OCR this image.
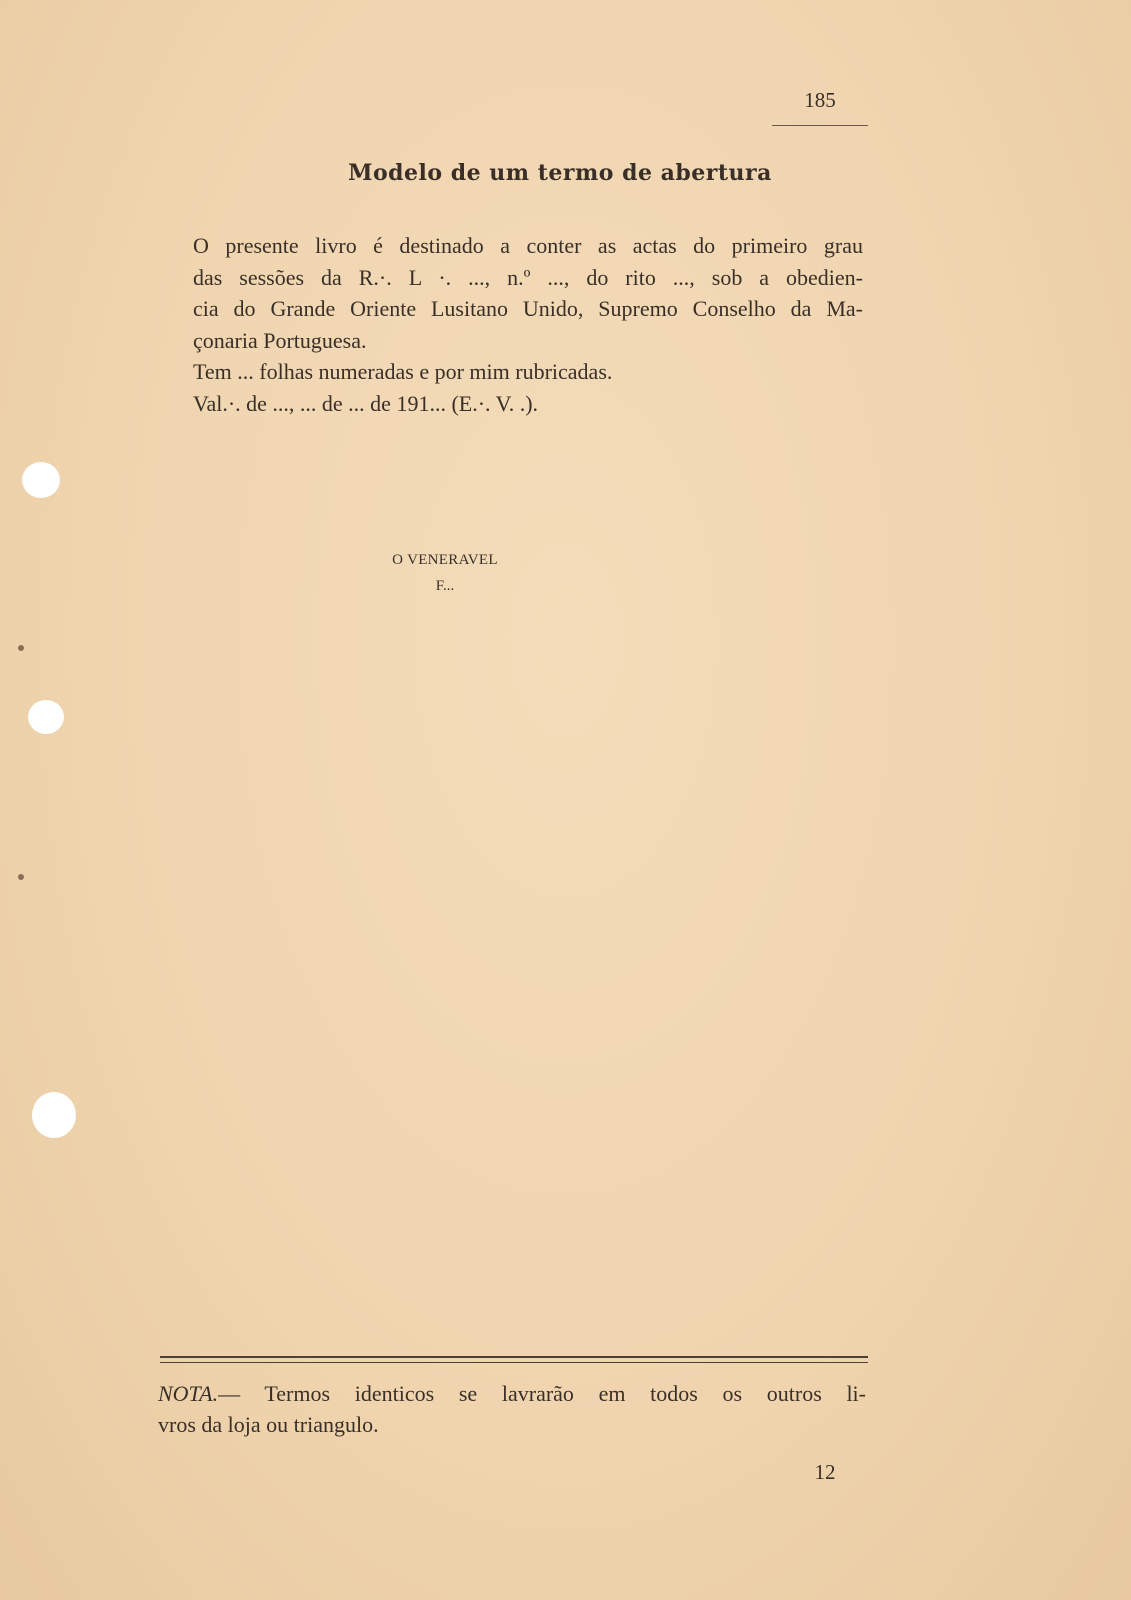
185
Modelo de um termo de abertura
O presente livro é destinado a conter as actas do primeiro grau
das sessões da R.·. L ·. ..., n.º ..., do rito ..., sob a obedien-
cia do Grande Oriente Lusitano Unido, Supremo Conselho da Ma-
çonaria Portuguesa.
Tem ... folhas numeradas e por mim rubricadas.
Val.·. de ..., ... de ... de 191... (E.·. V. .).
O VENERAVEL
F...
NOTA.— Termos identicos se lavrarão em todos os outros li-
vros da loja ou triangulo.
12
